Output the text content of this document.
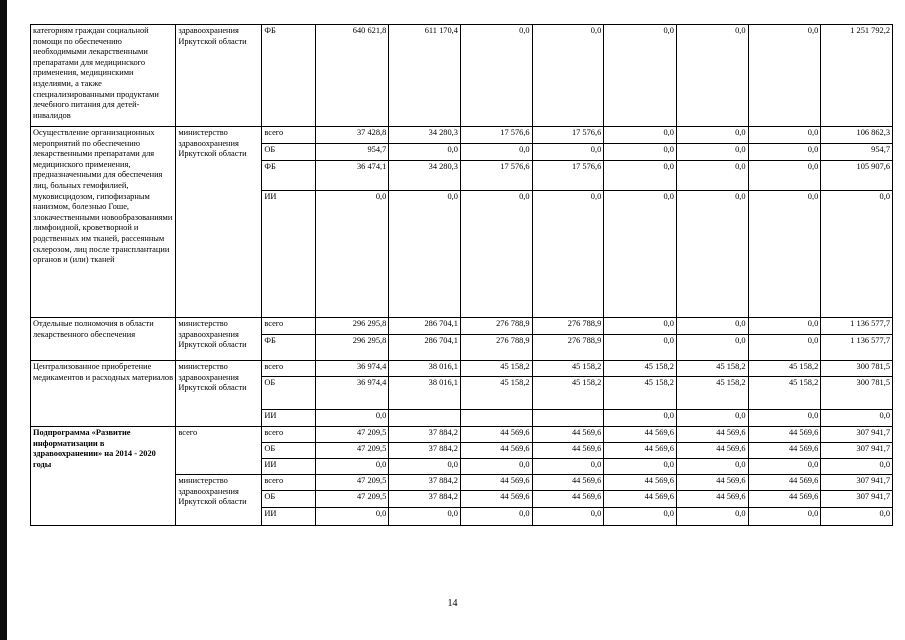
категориям граждан социальной помощи по обеспечению необходимыми лекарственными препаратами для медицинского применения, медицинскими изделиями, а также специализированными продуктами лечебного питания для детей-инвалидов	здравоохранения Иркутской области	ФБ	640 621,8	611 170,4	0,0	0,0	0,0	0,0	0,0	1 251 792,2
Осуществление организационных мероприятий по обеспечению лекарственными препаратами для медицинского применения, предназначенными для обеспечения лиц, больных гемофилией, муковисцидозом, гипофизарным нанизмом, болезнью Гоше, злокачественными новообразованиями лимфоидной, кроветворной и родственных им тканей, рассеянным склерозом, лиц после трансплантации органов и (или) тканей	министерство здравоохранения Иркутской области	всего	37 428,8	34 280,3	17 576,6	17 576,6	0,0	0,0	0,0	106 862,3
		ОБ	954,7	0,0	0,0	0,0	0,0	0,0	0,0	954,7
		ФБ	36 474,1	34 280,3	17 576,6	17 576,6	0,0	0,0	0,0	105 907,6
		ИИ	0,0	0,0	0,0	0,0	0,0	0,0	0,0	0,0
Отдельные полномочия в области лекарственного обеспечения	министерство здравоохранения Иркутской области	всего	296 295,8	286 704,1	276 788,9	276 788,9	0,0	0,0	0,0	1 136 577,7
		ФБ	296 295,8	286 704,1	276 788,9	276 788,9	0,0	0,0	0,0	1 136 577,7
Централизованное приобретение медикаментов и расходных материалов	министерство здравоохранения Иркутской области	всего	36 974,4	38 016,1	45 158,2	45 158,2	45 158,2	45 158,2	45 158,2	300 781,5
		ОБ	36 974,4	38 016,1	45 158,2	45 158,2	45 158,2	45 158,2	45 158,2	300 781,5
		ИИ	0,0				0,0	0,0	0,0	0,0
Подпрограмма «Развитие информатизации в здравоохранении» на 2014 - 2020 годы	всего	всего	47 209,5	37 884,2	44 569,6	44 569,6	44 569,6	44 569,6	44 569,6	307 941,7
		ОБ	47 209,5	37 884,2	44 569,6	44 569,6	44 569,6	44 569,6	44 569,6	307 941,7
		ИИ	0,0	0,0	0,0	0,0	0,0	0,0	0,0	0,0
	министерство здравоохранения Иркутской области	всего	47 209,5	37 884,2	44 569,6	44 569,6	44 569,6	44 569,6	44 569,6	307 941,7
		ОБ	47 209,5	37 884,2	44 569,6	44 569,6	44 569,6	44 569,6	44 569,6	307 941,7
		ИИ	0,0	0,0	0,0	0,0	0,0	0,0	0,0	0,0
14
